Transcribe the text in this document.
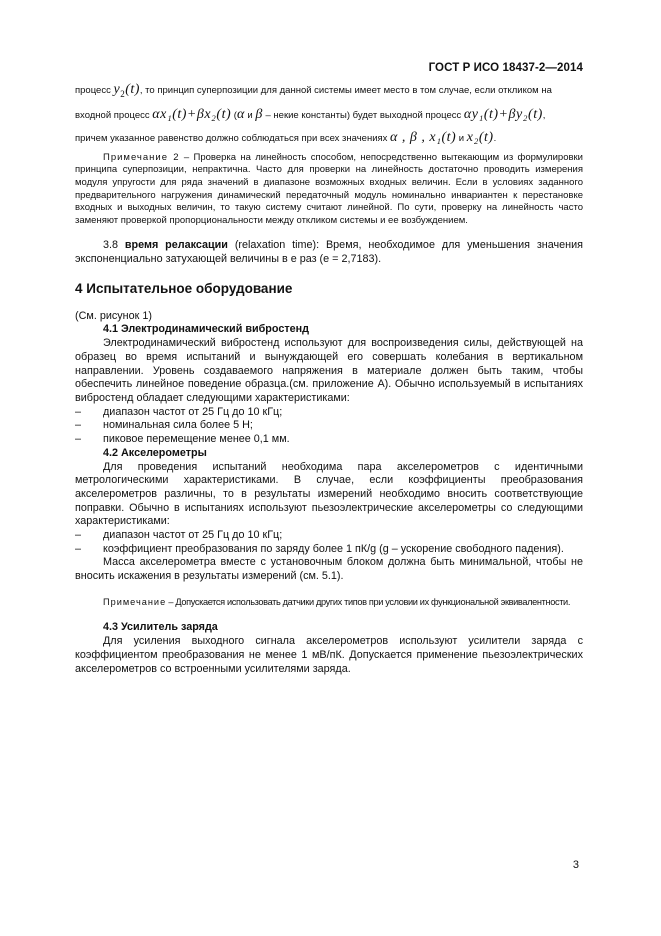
ГОСТ Р ИСО 18437-2—2014

процесс $y_2(t)$, то принцип суперпозиции для данной системы имеет место в том случае, если откликом на

входной процесс αx₁(t)+βx₂(t) (α и β – некие константы) будет выходной процесс αy₁(t)+βy₂(t),

причем указанное равенство должно соблюдаться при всех значениях α , β , x₁(t) и x₂(t).

Примечание 2 – Проверка на линейность способом, непосредственно вытекающим из формулировки принципа суперпозиции, непрактична. Часто для проверки на линейность достаточно проводить измерения модуля упругости для ряда значений в диапазоне возможных входных величин. Если в условиях заданного предварительного нагружения динамический передаточный модуль номинально инвариантен к перестановке входных и выходных величин, то такую систему считают линейной. По сути, проверку на линейность часто заменяют проверкой пропорциональности между откликом системы и ее возбуждением.

3.8 время релаксации (relaxation time): Время, необходимое для уменьшения значения экспоненциально затухающей величины в е раз (е = 2,7183).

4 Испытательное оборудование

(См. рисунок 1)

4.1 Электродинамический вибростенд

Электродинамический вибростенд используют для воспроизведения силы, действующей на образец во время испытаний и вынуждающей его совершать колебания в вертикальном направлении. Уровень создаваемого напряжения в материале должен быть таким, чтобы обеспечить линейное поведение образца.(см. приложение А). Обычно используемый в испытаниях вибростенд обладает следующими характеристиками:

– диапазон частот от 25 Гц до 10 кГц;
– номинальная сила более 5 Н;
– пиковое перемещение менее 0,1 мм.

4.2 Акселерометры

Для проведения испытаний необходима пара акселерометров с идентичными метрологическими характеристиками. В случае, если коэффициенты преобразования акселерометров различны, то в результаты измерений необходимо вносить соответствующие поправки. Обычно в испытаниях используют пьезоэлектрические акселерометры со следующими характеристиками:

– диапазон частот от 25 Гц до 10 кГц;
– коэффициент преобразования по заряду более 1 пК/g (g – ускорение свободного падения).

Масса акселерометра вместе с установочным блоком должна быть минимальной, чтобы не вносить искажения в результаты измерений (см. 5.1).

Примечание – Допускается использовать датчики других типов при условии их функциональной эквивалентности.

4.3 Усилитель заряда

Для усиления выходного сигнала акселерометров используют усилители заряда с коэффициентом преобразования не менее 1 мВ/пК. Допускается применение пьезоэлектрических акселерометров со встроенными усилителями заряда.

3
